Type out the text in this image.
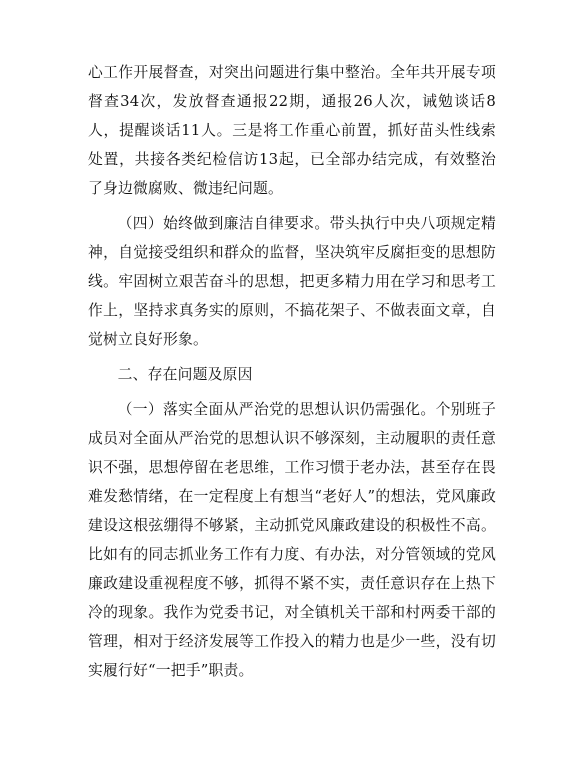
心工作开展督查，对突出问题进行集中整治。全年共开展专项督查34次，发放督查通报22期，通报26人次，诫勉谈话8人，提醒谈话11人。三是将工作重心前置，抓好苗头性线索处置，共接各类纪检信访13起，已全部办结完成，有效整治了身边微腐败、微违纪问题。

（四）始终做到廉洁自律要求。带头执行中央八项规定精神，自觉接受组织和群众的监督，坚决筑牢反腐拒变的思想防线。牢固树立艰苦奋斗的思想，把更多精力用在学习和思考工作上，坚持求真务实的原则，不搞花架子、不做表面文章，自觉树立良好形象。

二、存在问题及原因

（一）落实全面从严治党的思想认识仍需强化。个别班子成员对全面从严治党的思想认识不够深刻，主动履职的责任意识不强，思想停留在老思维，工作习惯于老办法，甚至存在畏难发愁情绪，在一定程度上有想当“老好人”的想法，党风廉政建设这根弦绷得不够紧，主动抓党风廉政建设的积极性不高。比如有的同志抓业务工作有力度、有办法，对分管领域的党风廉政建设重视程度不够，抓得不紧不实，责任意识存在上热下冷的现象。我作为党委书记，对全镇机关干部和村两委干部的管理，相对于经济发展等工作投入的精力也是少一些，没有切实履行好“一把手”职责。
